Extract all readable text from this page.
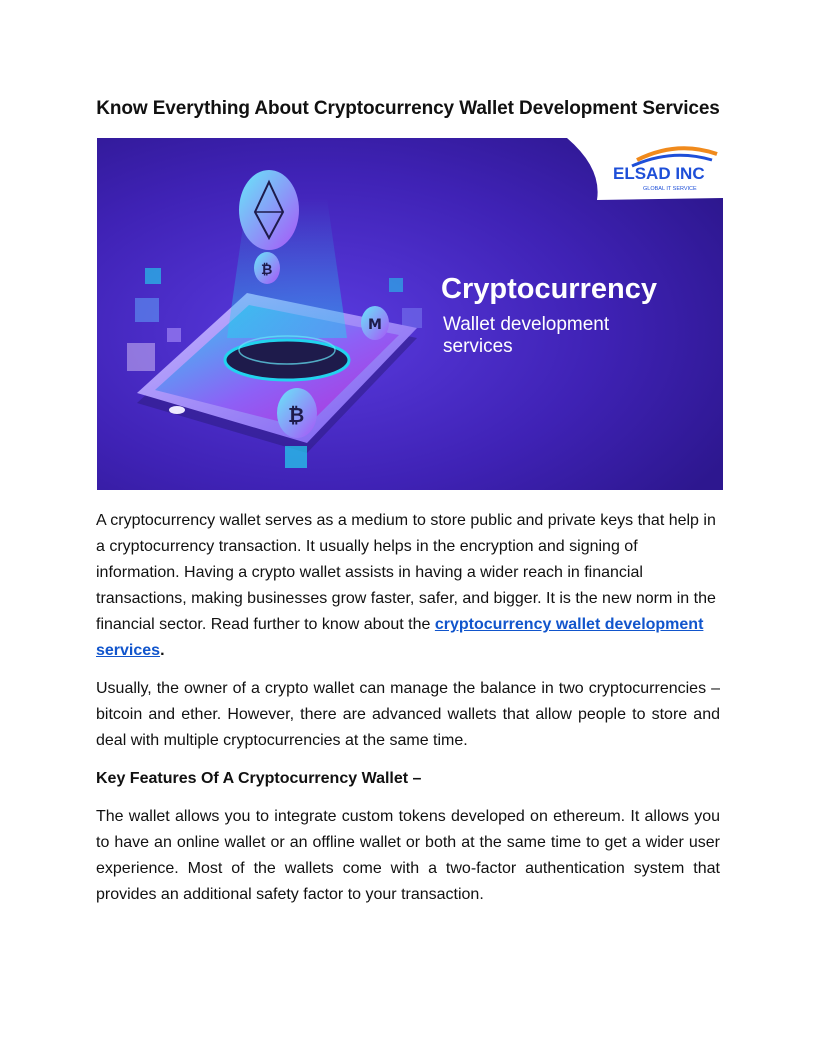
Know Everything About Cryptocurrency Wallet Development Services
ELSAD INC
GLOBAL IT SERVICE
₿
M
₿
Cryptocurrency
Wallet development
services

A cryptocurrency wallet serves as a medium to store public and private keys that help in a cryptocurrency transaction. It usually helps in the encryption and signing of information. Having a crypto wallet assists in having a wider reach in financial transactions, making businesses grow faster, safer, and bigger. It is the new norm in the financial sector. Read further to know about the cryptocurrency wallet development services.

Usually, the owner of a crypto wallet can manage the balance in two cryptocurrencies – bitcoin and ether. However, there are advanced wallets that allow people to store and deal with multiple cryptocurrencies at the same time.

Key Features Of A Cryptocurrency Wallet –

The wallet allows you to integrate custom tokens developed on ethereum. It allows you to have an online wallet or an offline wallet or both at the same time to get a wider user experience. Most of the wallets come with a two-factor authentication system that provides an additional safety factor to your transaction.
